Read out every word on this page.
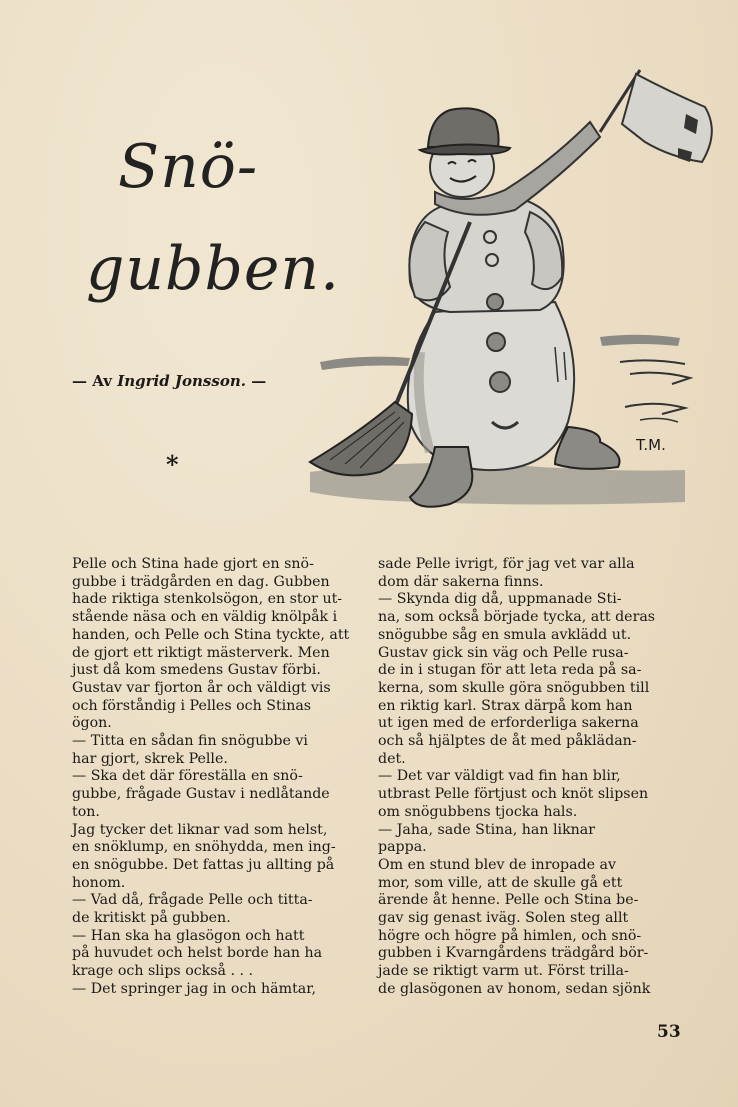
Snö-
gubben.
— Av Ingrid Jonsson. —
*
T.M.

Pelle och Stina hade gjort en snö-
gubbe i trädgården en dag. Gubben
hade riktiga stenkolsögon, en stor ut-
stående näsa och en väldig knölpåk i
handen, och Pelle och Stina tyckte, att
de gjort ett riktigt mästerverk. Men
just då kom smedens Gustav förbi.
Gustav var fjorton år och väldigt vis
och förståndig i Pelles och Stinas
ögon.
— Titta en sådan fin snögubbe vi
har gjort, skrek Pelle.
— Ska det där föreställa en snö-
gubbe, frågade Gustav i nedlåtande
ton.
Jag tycker det liknar vad som helst,
en snöklump, en snöhydda, men ing-
en snögubbe. Det fattas ju allting på
honom.
— Vad då, frågade Pelle och titta-
de kritiskt på gubben.
— Han ska ha glasögon och hatt
på huvudet och helst borde han ha
krage och slips också . . .
— Det springer jag in och hämtar,

sade Pelle ivrigt, för jag vet var alla
dom där sakerna finns.
— Skynda dig då, uppmanade Sti-
na, som också började tycka, att deras
snögubbe såg en smula avklädd ut.
Gustav gick sin väg och Pelle rusa-
de in i stugan för att leta reda på sa-
kerna, som skulle göra snögubben till
en riktig karl. Strax därpå kom han
ut igen med de erforderliga sakerna
och så hjälptes de åt med påklädan-
det.
— Det var väldigt vad fin han blir,
utbrast Pelle förtjust och knöt slipsen
om snögubbens tjocka hals.
— Jaha, sade Stina, han liknar
pappa.
Om en stund blev de inropade av
mor, som ville, att de skulle gå ett
ärende åt henne. Pelle och Stina be-
gav sig genast iväg. Solen steg allt
högre och högre på himlen, och snö-
gubben i Kvarngårdens trädgård bör-
jade se riktigt varm ut. Först trilla-
de glasögonen av honom, sedan sjönk

53
